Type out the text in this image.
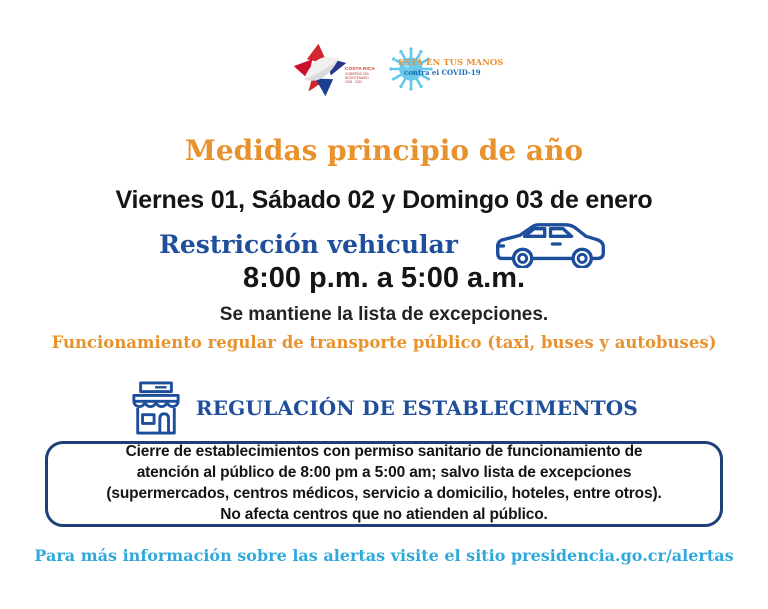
COSTA RICA
GOBIERNO DEL BICENTENARIO
2018 - 2022
ESTÁ EN TUS MANOS
contra el COVID-19
Medidas principio de año
Viernes 01, Sábado 02 y Domingo 03 de enero
Restricción vehicular
8:00 p.m. a 5:00 a.m.
Se mantiene la lista de excepciones.
Funcionamiento regular de transporte público (taxi, buses y autobuses)
REGULACIÓN DE ESTABLECIMENTOS
Cierre de establecimientos con permiso sanitario de funcionamiento de
atención al público de 8:00 pm a 5:00 am; salvo lista de excepciones
(supermercados, centros médicos, servicio a domicilio, hoteles, entre otros).
No afecta centros que no atienden al público.
Para más información sobre las alertas visite el sitio presidencia.go.cr/alertas
